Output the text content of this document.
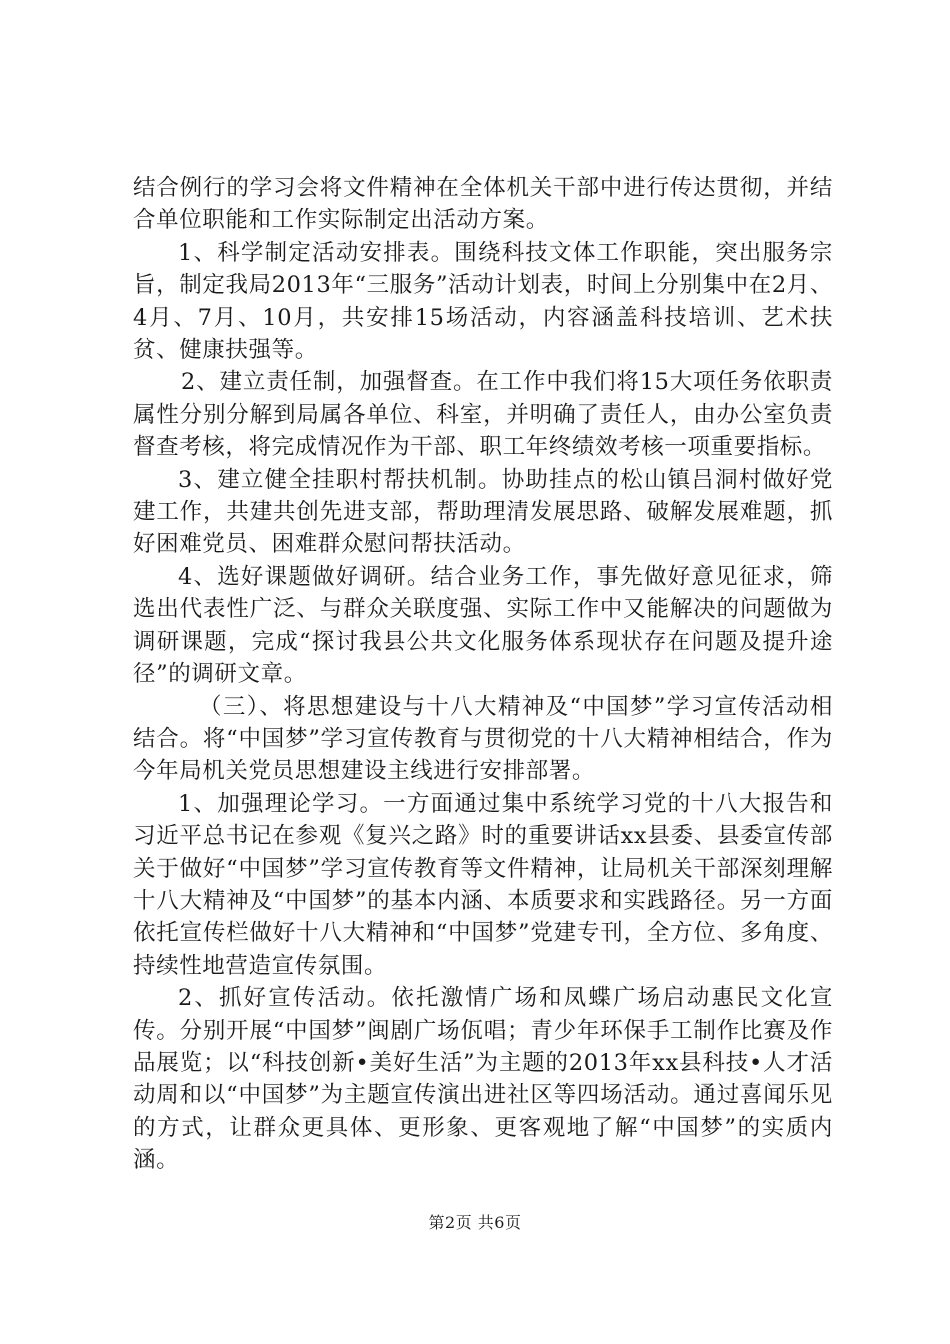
结合例行的学习会将文件精神在全体机关干部中进行传达贯彻，并结合单位职能和工作实际制定出活动方案。

1、科学制定活动安排表。围绕科技文体工作职能，突出服务宗旨，制定我局2013年“三服务”活动计划表，时间上分别集中在2月、4月、7月、10月，共安排15场活动，内容涵盖科技培训、艺术扶贫、健康扶强等。

2、建立责任制，加强督查。在工作中我们将15大项任务依职责属性分别分解到局属各单位、科室，并明确了责任人，由办公室负责督查考核，将完成情况作为干部、职工年终绩效考核一项重要指标。

3、建立健全挂职村帮扶机制。协助挂点的松山镇吕洞村做好党建工作，共建共创先进支部，帮助理清发展思路、破解发展难题，抓好困难党员、困难群众慰问帮扶活动。

4、选好课题做好调研。结合业务工作，事先做好意见征求，筛选出代表性广泛、与群众关联度强、实际工作中又能解决的问题做为调研课题，完成“探讨我县公共文化服务体系现状存在问题及提升途径”的调研文章。

（三）、将思想建设与十八大精神及“中国梦”学习宣传活动相结合。将“中国梦”学习宣传教育与贯彻党的十八大精神相结合，作为今年局机关党员思想建设主线进行安排部署。

1、加强理论学习。一方面通过集中系统学习党的十八大报告和习近平总书记在参观《复兴之路》时的重要讲话xx县委、县委宣传部关于做好“中国梦”学习宣传教育等文件精神，让局机关干部深刻理解十八大精神及“中国梦”的基本内涵、本质要求和实践路径。另一方面依托宣传栏做好十八大精神和“中国梦”党建专刊，全方位、多角度、持续性地营造宣传氛围。

2、抓好宣传活动。依托激情广场和凤蝶广场启动惠民文化宣传。分别开展“中国梦”闽剧广场佤唱；青少年环保手工制作比赛及作品展览；以“科技创新•美好生活”为主题的2013年xx县科技•人才活动周和以“中国梦”为主题宣传演出进社区等四场活动。通过喜闻乐见的方式，让群众更具体、更形象、更客观地了解“中国梦”的实质内涵。

第2页 共6页
